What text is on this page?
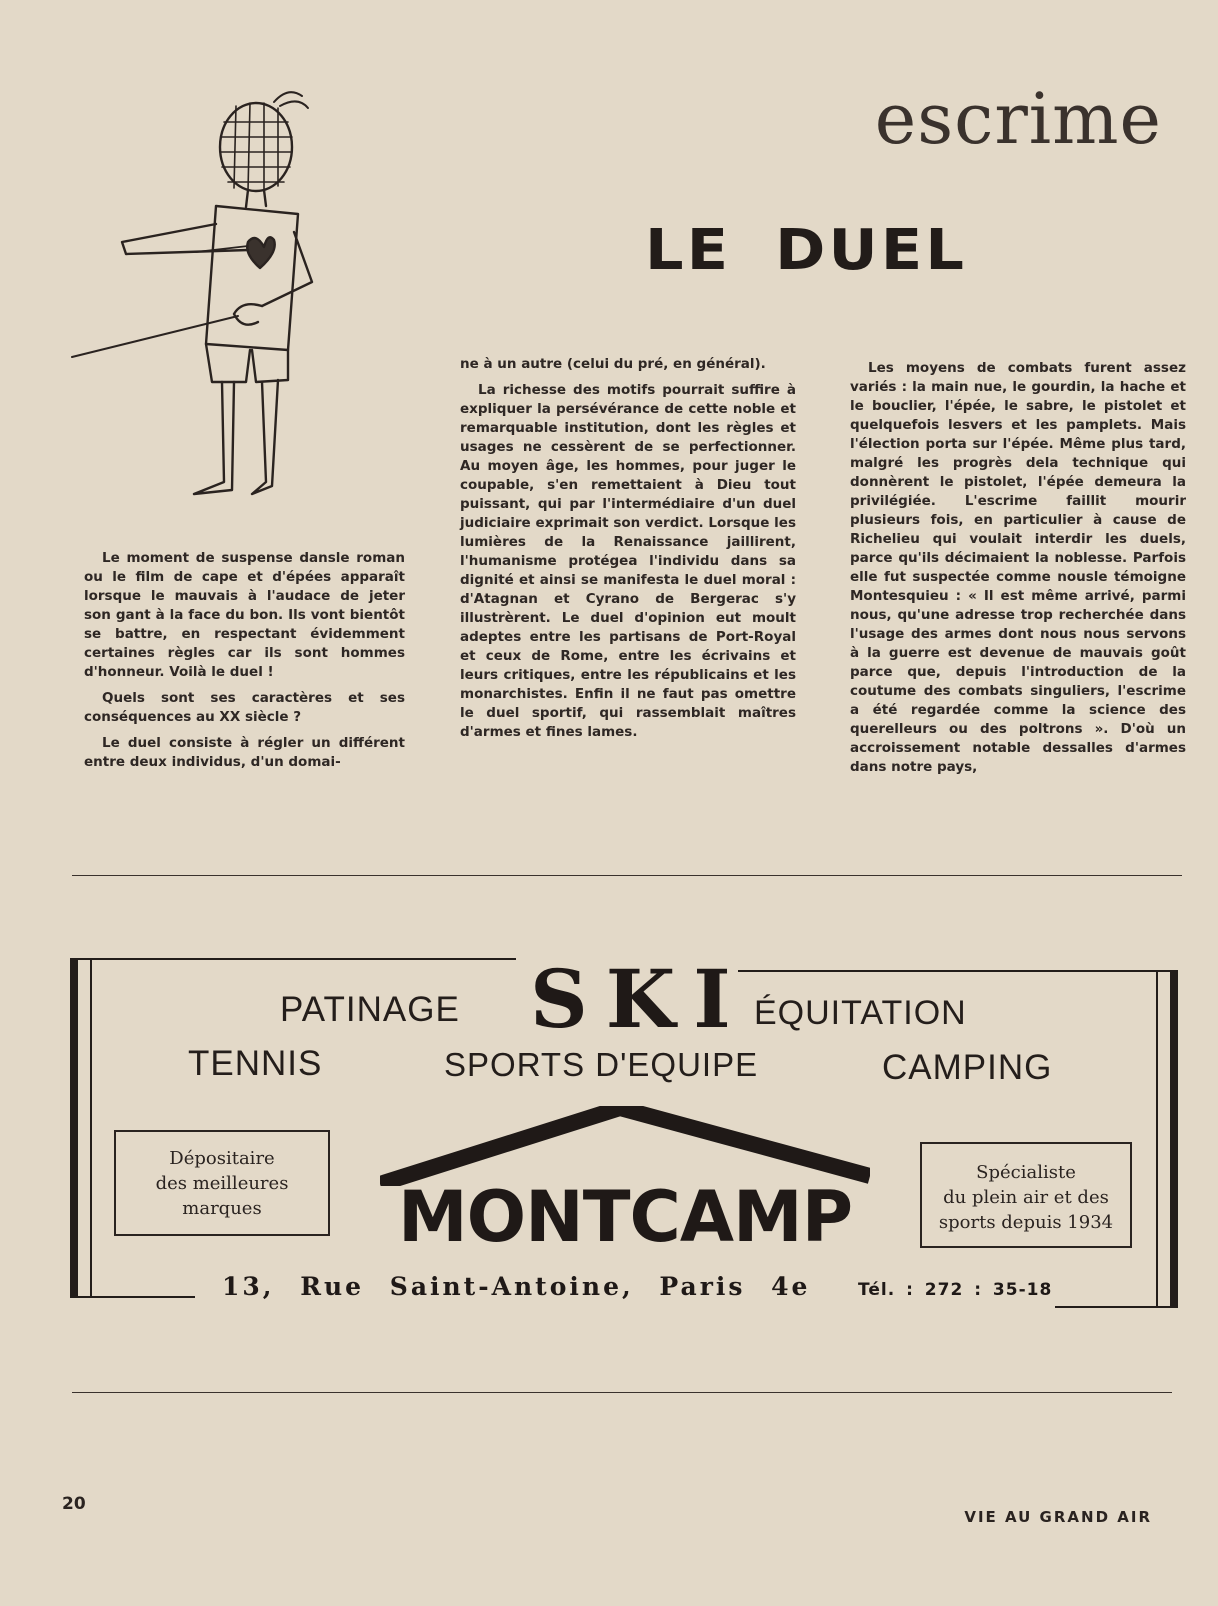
escrime
LE DUEL

Le moment de suspense dansle roman ou le film de cape et d'épées apparaît lorsque le mauvais à l'audace de jeter son gant à la face du bon. Ils vont bientôt se battre, en respectant évidemment certaines règles car ils sont hommes d'honneur. Voilà le duel !

Quels sont ses caractères et ses conséquences au XX siècle ?

Le duel consiste à régler un différent entre deux individus, d'un domai-

ne à un autre (celui du pré, en général).

La richesse des motifs pourrait suffire à expliquer la persévérance de cette noble et remarquable institution, dont les règles et usages ne cessèrent de se perfectionner. Au moyen âge, les hommes, pour juger le coupable, s'en remettaient à Dieu tout puissant, qui par l'intermédiaire d'un duel judiciaire exprimait son verdict. Lorsque les lumières de la Renaissance jaillirent, l'humanisme protégea l'individu dans sa dignité et ainsi se manifesta le duel moral : d'Atagnan et Cyrano de Bergerac s'y illustrèrent. Le duel d'opinion eut moult adeptes entre les partisans de Port-Royal et ceux de Rome, entre les écrivains et leurs critiques, entre les républicains et les monarchistes. Enfin il ne faut pas omettre le duel sportif, qui rassemblait maîtres d'armes et fines lames.

Les moyens de combats furent assez variés : la main nue, le gourdin, la hache et le bouclier, l'épée, le sabre, le pistolet et quelquefois lesvers et les pamplets. Mais l'élection porta sur l'épée. Même plus tard, malgré les progrès dela technique qui donnèrent le pistolet, l'épée demeura la privilégiée. L'escrime faillit mourir plusieurs fois, en particulier à cause de Richelieu qui voulait interdir les duels, parce qu'ils décimaient la noblesse. Parfois elle fut suspectée comme nousle témoigne Montesquieu : « Il est même arrivé, parmi nous, qu'une adresse trop recherchée dans l'usage des armes dont nous nous servons à la guerre est devenue de mauvais goût parce que, depuis l'introduction de la coutume des combats singuliers, l'escrime a été regardée comme la science des querelleurs ou des poltrons ». D'où un accroissement notable dessalles d'armes dans notre pays,

PATINAGE SKI ÉQUITATION
TENNIS	SPORTS D'EQUIPE	CAMPING
Dépositaire
des meilleures
marques
Spécialiste
du plein air et des
sports depuis 1934
MONTCAMP
13, Rue Saint-Antoine, Paris 4e	Tél. : 272 : 35-18
20
VIE AU GRAND AIR
